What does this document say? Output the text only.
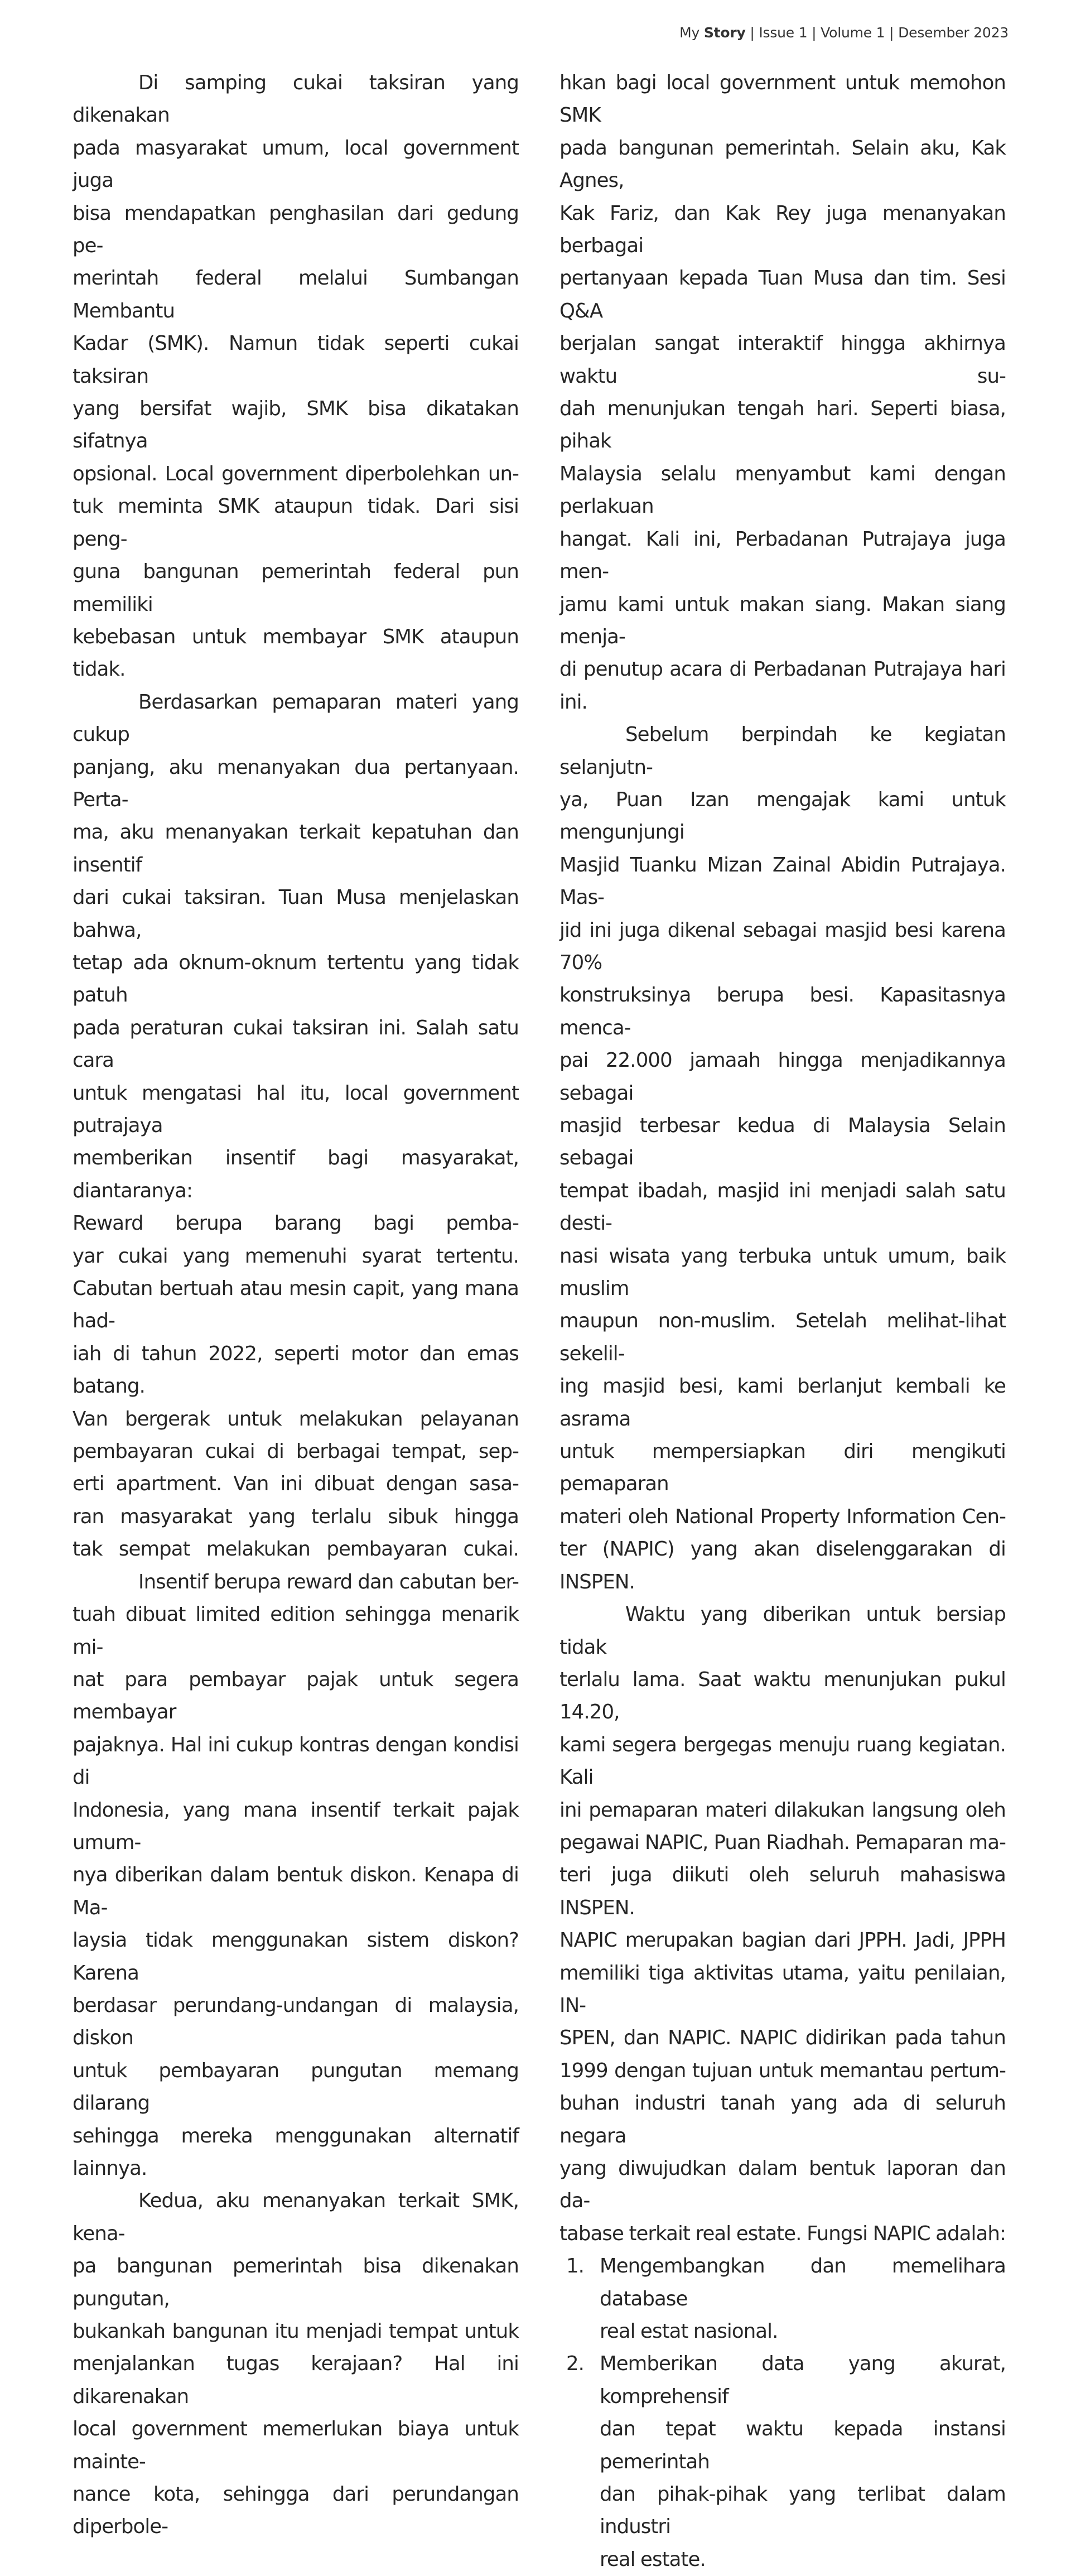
My Story | Issue 1 | Volume 1 | Desember 2023

Di samping cukai taksiran yang dikenakan

pada masyarakat umum, local government juga

bisa mendapatkan penghasilan dari gedung pe-

merintah federal melalui Sumbangan Membantu

Kadar (SMK). Namun tidak seperti cukai taksiran

yang bersifat wajib, SMK bisa dikatakan sifatnya

opsional. Local government diperbolehkan un-

tuk meminta SMK ataupun tidak. Dari sisi peng-

guna bangunan pemerintah federal pun memiliki

kebebasan untuk membayar SMK ataupun tidak.

Berdasarkan pemaparan materi yang cukup

panjang, aku menanyakan dua pertanyaan. Perta-

ma, aku menanyakan terkait kepatuhan dan insentif

dari cukai taksiran. Tuan Musa menjelaskan bahwa,

tetap ada oknum-oknum tertentu yang tidak patuh

pada peraturan cukai taksiran ini. Salah satu cara

untuk mengatasi hal itu, local government putrajaya

memberikan insentif bagi masyarakat, diantaranya:

Reward berupa barang bagi pemba-

yar cukai yang memenuhi syarat tertentu.

Cabutan bertuah atau mesin capit, yang mana had-

iah di tahun 2022, seperti motor dan emas batang.

Van bergerak untuk melakukan pelayanan

pembayaran cukai di berbagai tempat, sep-

erti apartment. Van ini dibuat dengan sasa-

ran masyarakat yang terlalu sibuk hingga

tak sempat melakukan pembayaran cukai.

Insentif berupa reward dan cabutan ber-

tuah dibuat limited edition sehingga menarik mi-

nat para pembayar pajak untuk segera membayar

pajaknya. Hal ini cukup kontras dengan kondisi di

Indonesia, yang mana insentif terkait pajak umum-

nya diberikan dalam bentuk diskon. Kenapa di Ma-

laysia tidak menggunakan sistem diskon? Karena

berdasar perundang-undangan di malaysia, diskon

untuk pembayaran pungutan memang dilarang

sehingga mereka menggunakan alternatif lainnya.

Kedua, aku menanyakan terkait SMK, kena-

pa bangunan pemerintah bisa dikenakan pungutan,

bukankah bangunan itu menjadi tempat untuk

menjalankan tugas kerajaan? Hal ini dikarenakan

local government memerlukan biaya untuk mainte-

nance kota, sehingga dari perundangan diperbole-

hkan bagi local government untuk memohon SMK

pada bangunan pemerintah. Selain aku, Kak Agnes,

Kak Fariz, dan Kak Rey juga menanyakan berbagai

pertanyaan kepada Tuan Musa dan tim. Sesi Q&A

berjalan sangat interaktif hingga akhirnya waktu su-

dah menunjukan tengah hari. Seperti biasa, pihak

Malaysia selalu menyambut kami dengan perlakuan

hangat. Kali ini, Perbadanan Putrajaya juga men-

jamu kami untuk makan siang. Makan siang menja-

di penutup acara di Perbadanan Putrajaya hari ini.

Sebelum berpindah ke kegiatan selanjutn-

ya, Puan Izan mengajak kami untuk mengunjungi

Masjid Tuanku Mizan Zainal Abidin Putrajaya. Mas-

jid ini juga dikenal sebagai masjid besi karena 70%

konstruksinya berupa besi. Kapasitasnya menca-

pai 22.000 jamaah hingga menjadikannya sebagai

masjid terbesar kedua di Malaysia Selain sebagai

tempat ibadah, masjid ini menjadi salah satu desti-

nasi wisata yang terbuka untuk umum, baik muslim

maupun non-muslim. Setelah melihat-lihat sekelil-

ing masjid besi, kami berlanjut kembali ke asrama

untuk mempersiapkan diri mengikuti pemaparan

materi oleh National Property Information Cen-

ter (NAPIC) yang akan diselenggarakan di INSPEN.

Waktu yang diberikan untuk bersiap tidak

terlalu lama. Saat waktu menunjukan pukul 14.20,

kami segera bergegas menuju ruang kegiatan. Kali

ini pemaparan materi dilakukan langsung oleh

pegawai NAPIC, Puan Riadhah. Pemaparan ma-

teri juga diikuti oleh seluruh mahasiswa INSPEN.

NAPIC merupakan bagian dari JPPH. Jadi, JPPH

memiliki tiga aktivitas utama, yaitu penilaian, IN-

SPEN, dan NAPIC. NAPIC didirikan pada tahun

1999 dengan tujuan untuk memantau pertum-

buhan industri tanah yang ada di seluruh negara

yang diwujudkan dalam bentuk laporan dan da-

tabase terkait real estate. Fungsi NAPIC adalah:

1. Mengembangkan dan memelihara database

real estat nasional.

2. Memberikan data yang akurat, komprehensif

dan tepat waktu kepada instansi pemerintah

dan pihak-pihak yang terlibat dalam industri

real estate.
